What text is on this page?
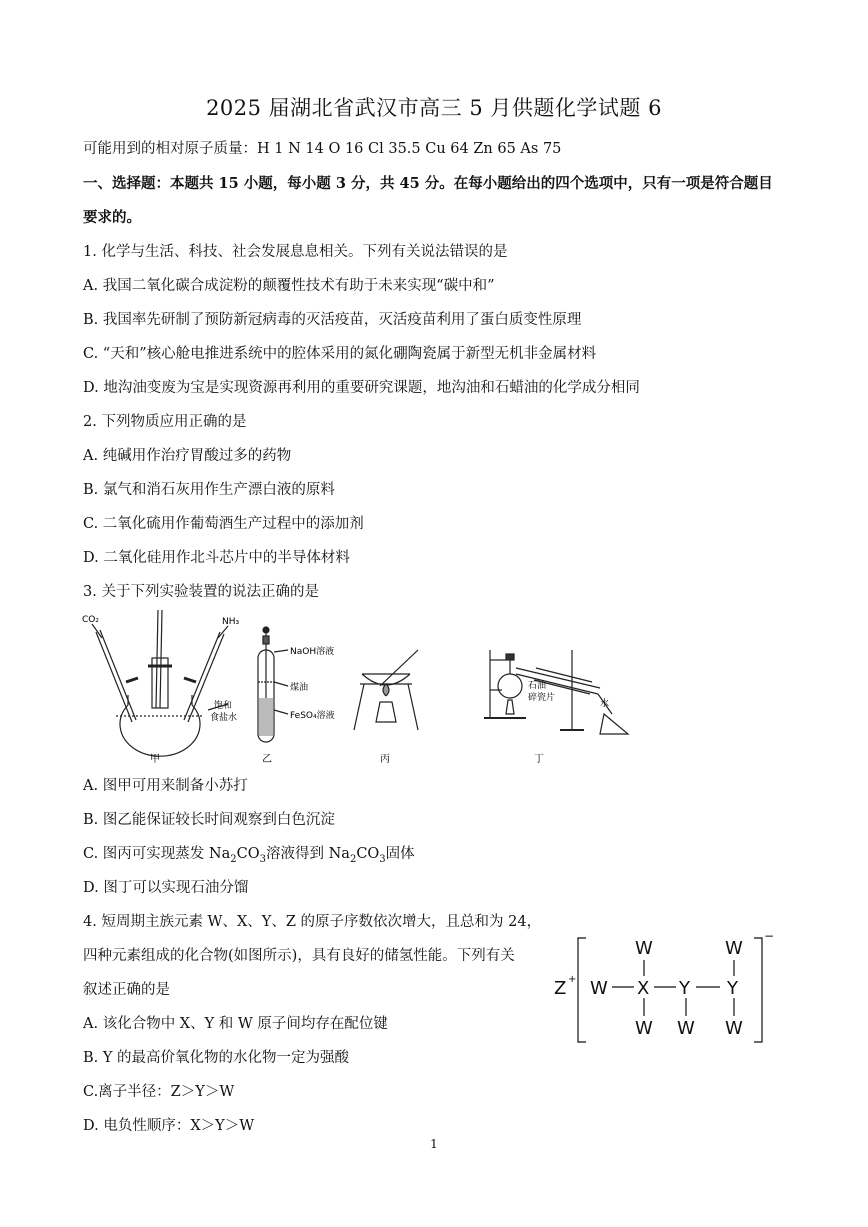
2025 届湖北省武汉市高三 5 月供题化学试题 6
可能用到的相对原子质量：H 1 N 14 O 16 Cl 35.5 Cu 64 Zn 65 As 75
一、选择题：本题共 15 小题，每小题 3 分，共 45 分。在每小题给出的四个选项中，只有一项是符合题目
要求的。
1. 化学与生活、科技、社会发展息息相关。下列有关说法错误的是
A. 我国二氧化碳合成淀粉的颠覆性技术有助于未来实现“碳中和”
B. 我国率先研制了预防新冠病毒的灭活疫苗，灭活疫苗利用了蛋白质变性原理
C. “天和”核心舱电推进系统中的腔体采用的氮化硼陶瓷属于新型无机非金属材料
D. 地沟油变废为宝是实现资源再利用的重要研究课题，地沟油和石蜡油的化学成分相同
2. 下列物质应用正确的是
A. 纯碱用作治疗胃酸过多的药物
B. 氯气和消石灰用作生产漂白液的原料
C. 二氧化硫用作葡萄酒生产过程中的添加剂
D. 二氧化硅用作北斗芯片中的半导体材料
3. 关于下列实验装置的说法正确的是
CO₂	NH₃
饱和
食盐水
NaOH溶液
煤油
FeSO₄溶液
石油
碎瓷片
水
甲	乙	丙	丁
A. 图甲可用来制备小苏打
B. 图乙能保证较长时间观察到白色沉淀
C. 图丙可实现蒸发 $Na_2CO_3$溶液得到 $Na_2CO_3$固体
D. 图丁可以实现石油分馏
4. 短周期主族元素 W、X、Y、Z 的原子序数依次增大，且总和为 24，
四种元素组成的化合物(如图所示)，具有良好的储氢性能。下列有关
叙述正确的是
A. 该化合物中 X、Y 和 W 原子间均存在配位键
B. Y 的最高价氧化物的水化物一定为强酸
C.离子半径：Z＞Y＞W
D. 电负性顺序：X＞Y＞W
Z +
−
W X Y Y
W	W
W W W
1
